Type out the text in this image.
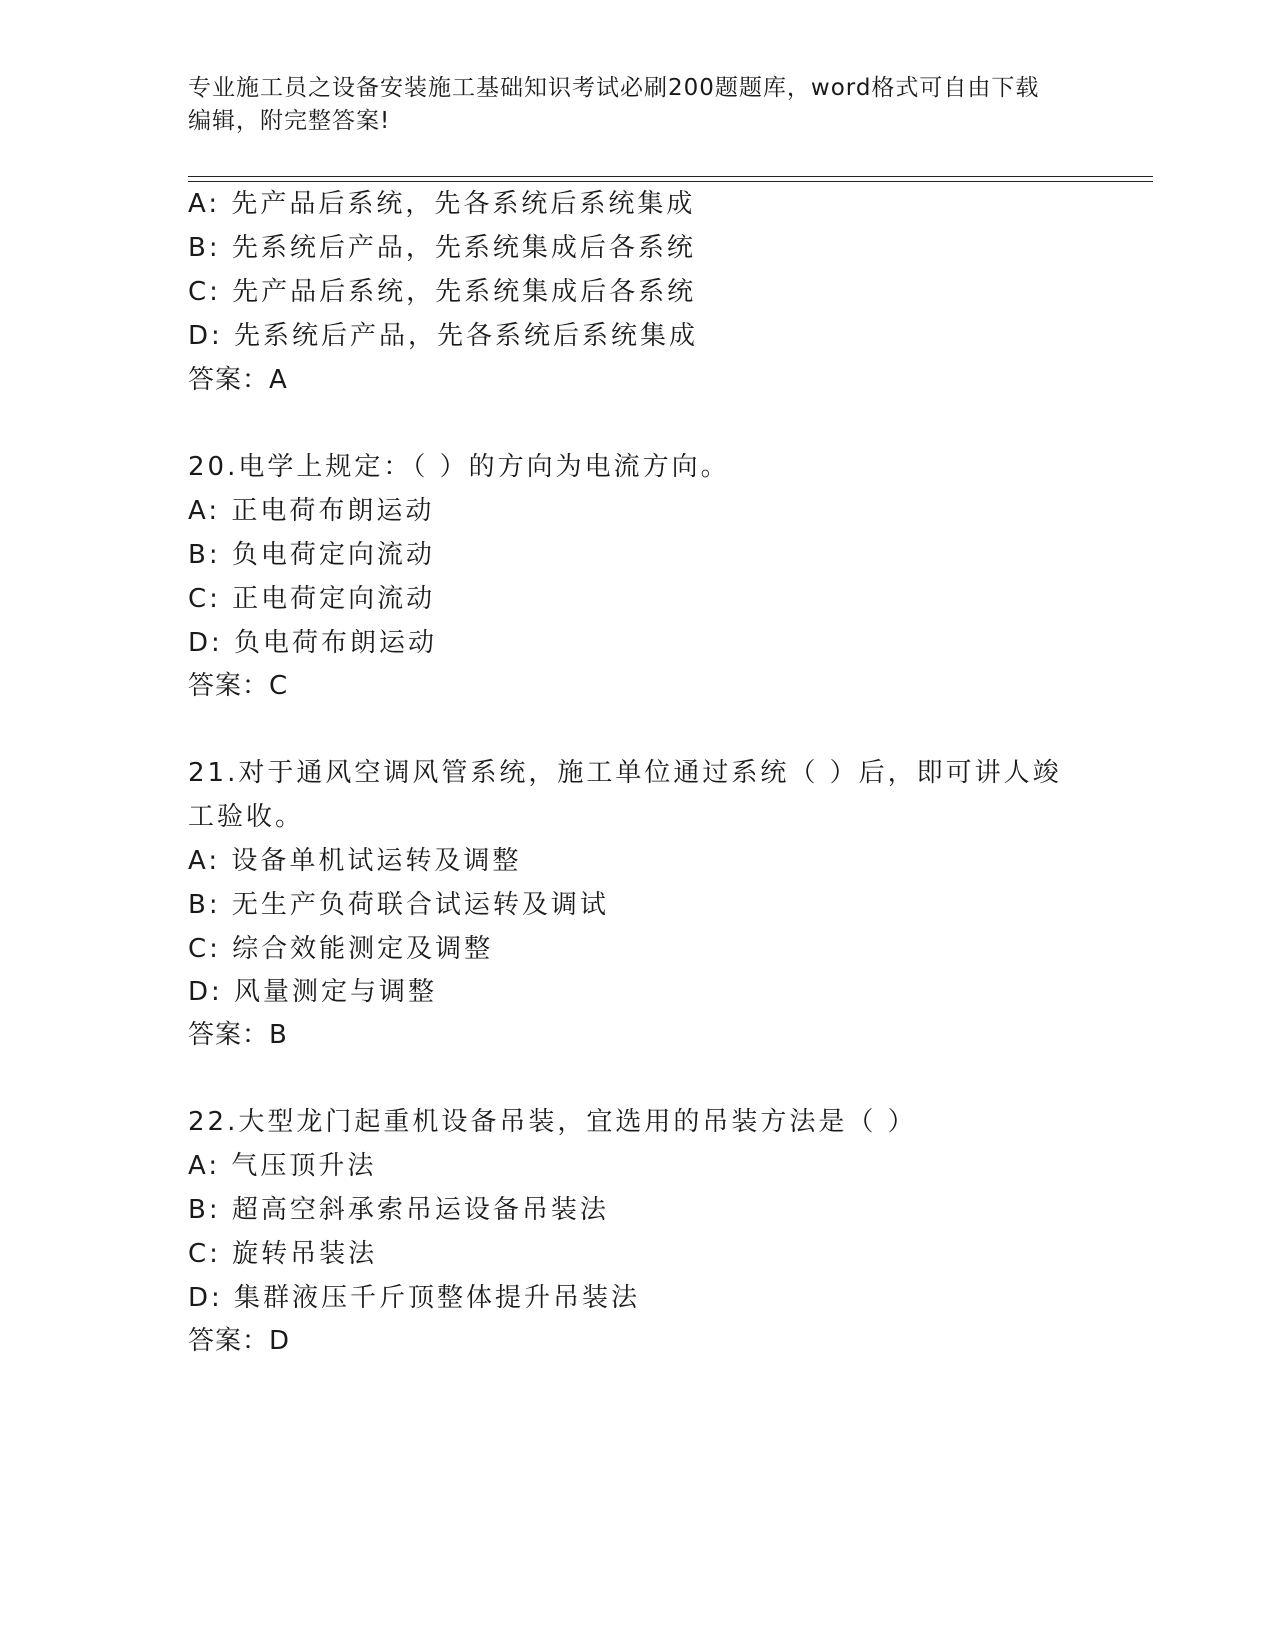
专业施工员之设备安装施工基础知识考试必刷200题题库，word格式可自由下载
编辑，附完整答案!
A: 先产品后系统，先各系统后系统集成
B: 先系统后产品，先系统集成后各系统
C: 先产品后系统，先系统集成后各系统
D: 先系统后产品，先各系统后系统集成
答案：A
20.电学上规定：（ ）的方向为电流方向。
A: 正电荷布朗运动
B: 负电荷定向流动
C: 正电荷定向流动
D: 负电荷布朗运动
答案：C
21.对于通风空调风管系统，施工单位通过系统（ ）后，即可讲人竣
工验收。
A: 设备单机试运转及调整
B: 无生产负荷联合试运转及调试
C: 综合效能测定及调整
D: 风量测定与调整
答案：B
22.大型龙门起重机设备吊装，宜选用的吊装方法是（ ）
A: 气压顶升法
B: 超高空斜承索吊运设备吊装法
C: 旋转吊装法
D: 集群液压千斤顶整体提升吊装法
答案：D
